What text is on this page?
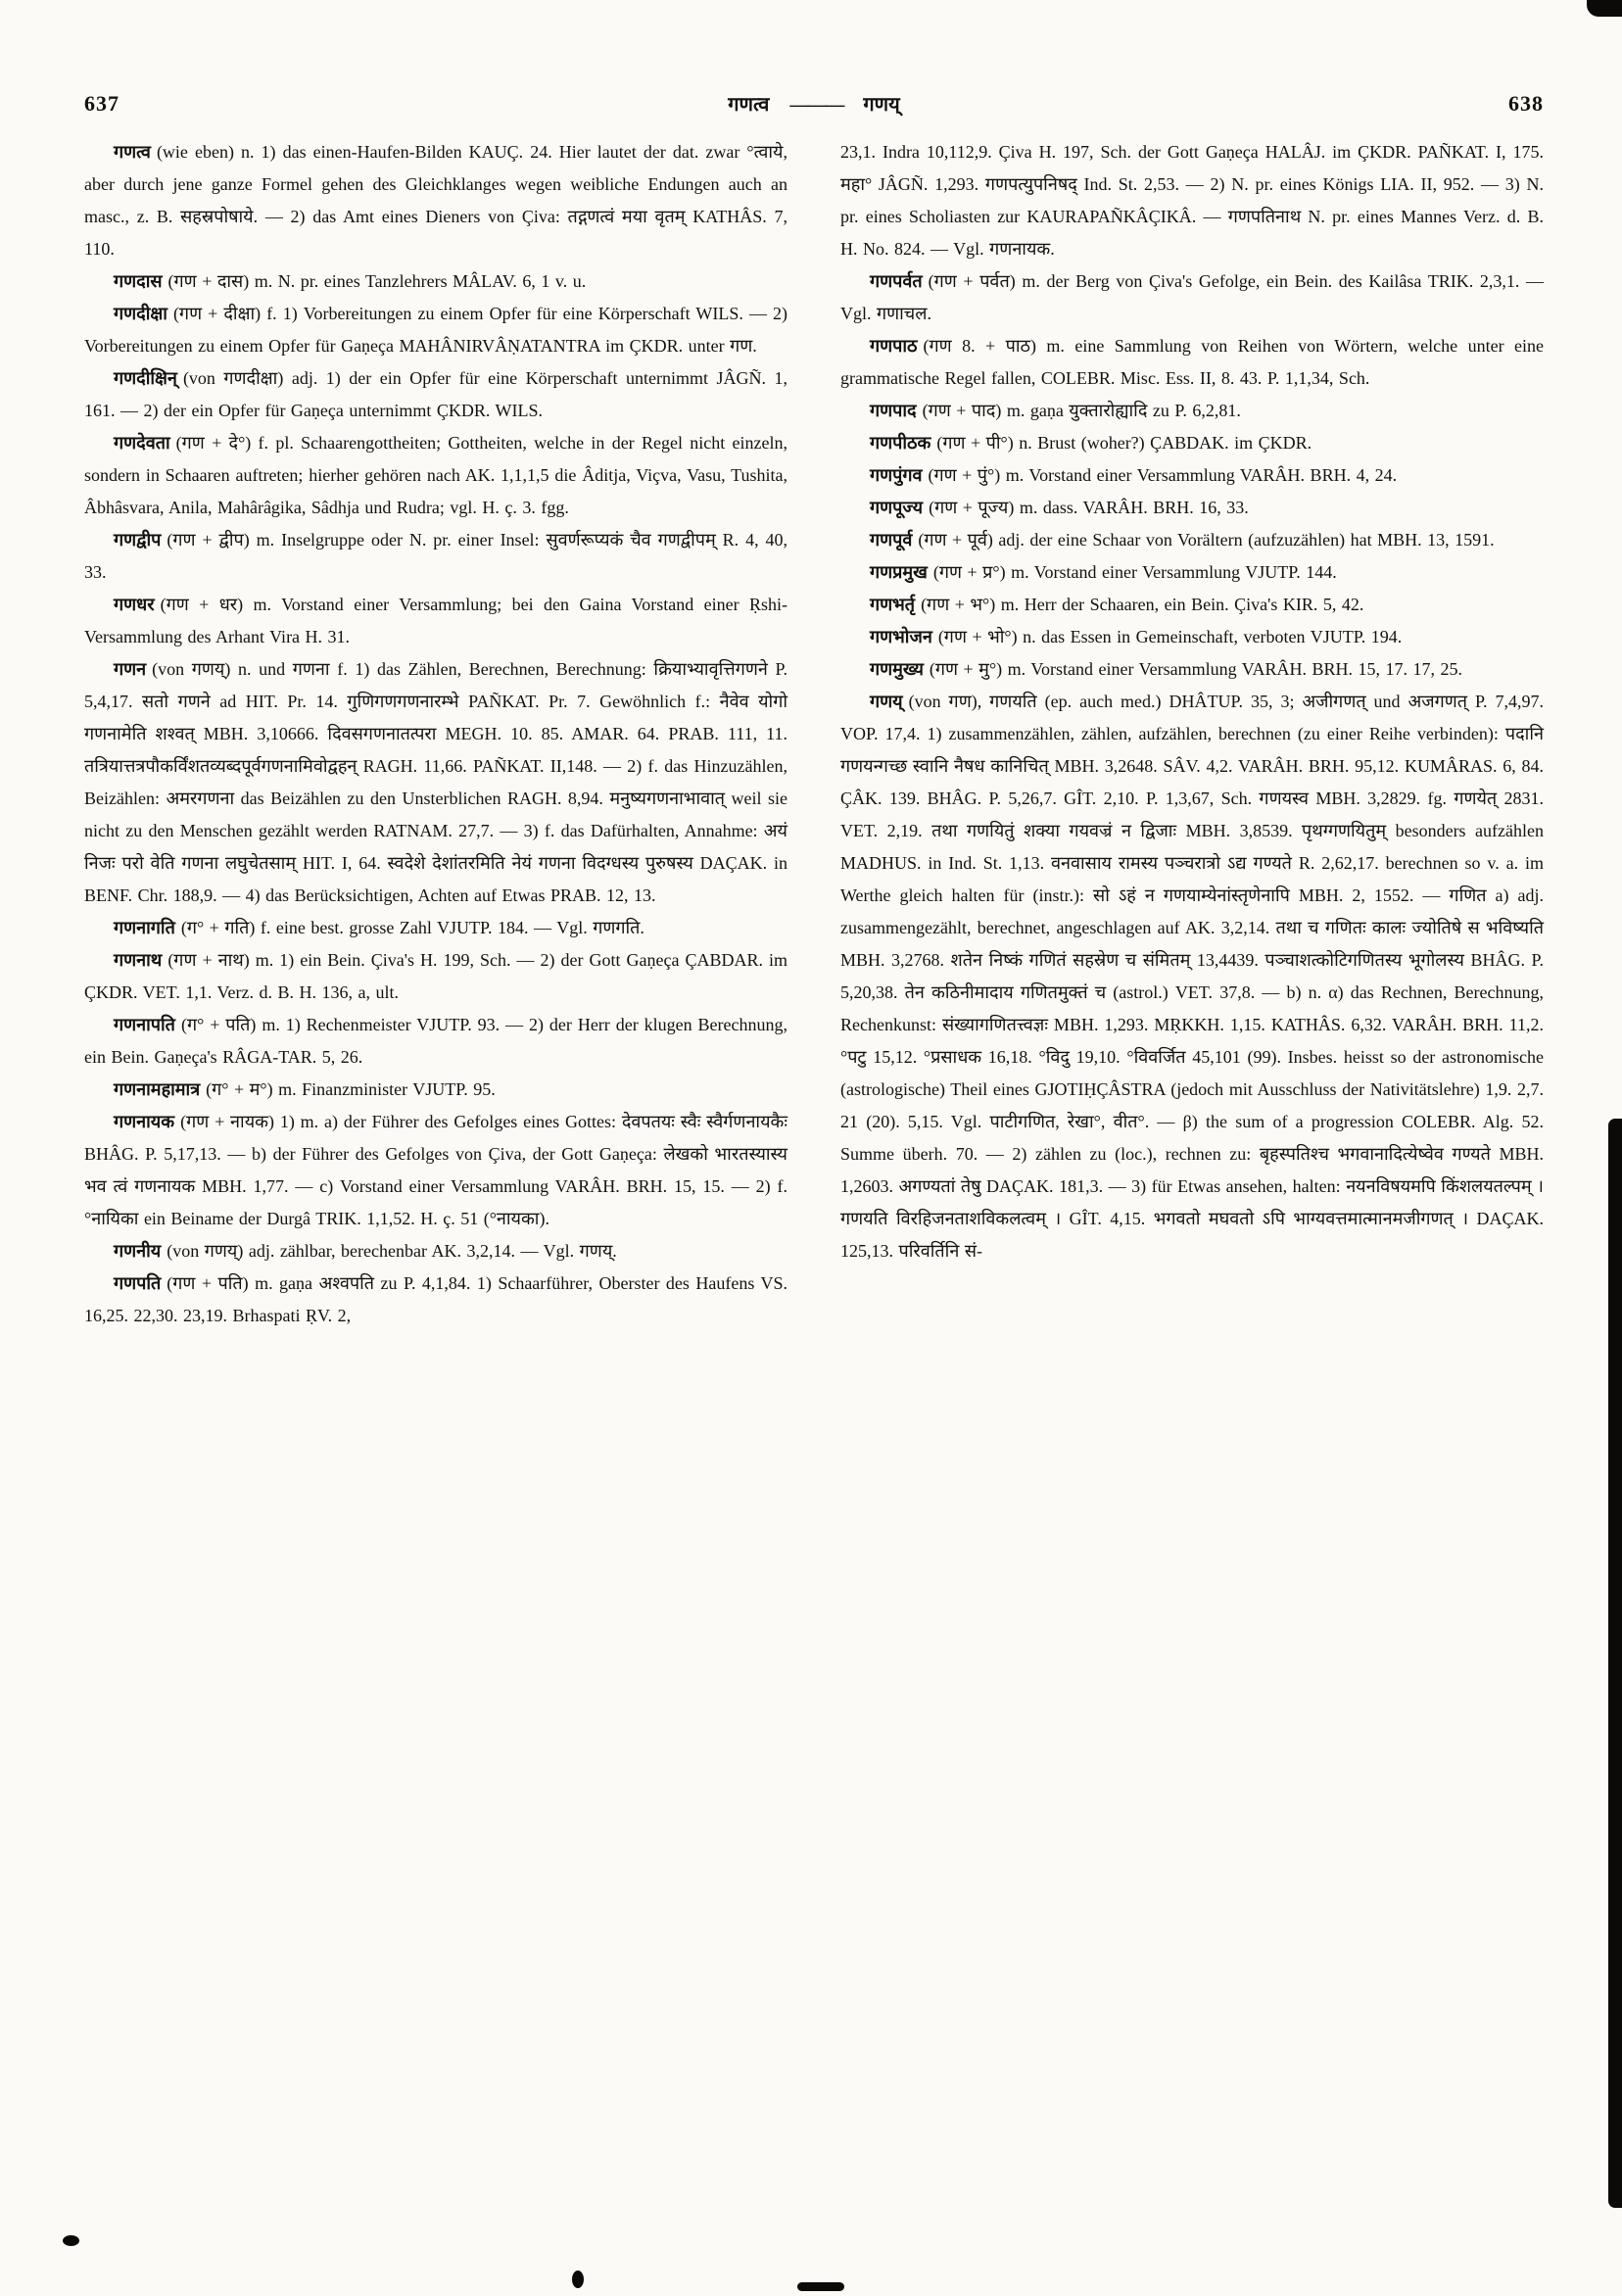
637	गणत्व ——— गणय्	638

गणत्व (wie eben) n. 1) das einen-Haufen-Bilden KAUÇ. 24. Hier lautet der dat. zwar °त्वाये, aber durch jene ganze Formel gehen des Gleichklanges wegen weibliche Endungen auch an masc., z. B. सहस्रपोषाये. — 2) das Amt eines Dieners von Çiva: तद्गणत्वं मया वृतम् KATHÂS. 7, 110.

गणदास (गण + दास) m. N. pr. eines Tanzlehrers MÂLAV. 6, 1 v. u.

गणदीक्षा (गण + दीक्षा) f. 1) Vorbereitungen zu einem Opfer für eine Körperschaft WILS. — 2) Vorbereitungen zu einem Opfer für Gaṇeça MAHÂNIRVÂṆATANTRA im ÇKDR. unter गण.

गणदीक्षिन् (von गणदीक्षा) adj. 1) der ein Opfer für eine Körperschaft unternimmt JÂGÑ. 1, 161. — 2) der ein Opfer für Gaṇeça unternimmt ÇKDR. WILS.

गणदेवता (गण + दे°) f. pl. Schaarengottheiten; Gottheiten, welche in der Regel nicht einzeln, sondern in Schaaren auftreten; hierher gehören nach AK. 1,1,1,5 die Âditja, Viçva, Vasu, Tushita, Âbhâsvara, Anila, Mahârâgika, Sâdhja und Rudra; vgl. H. ç. 3. fgg.

गणद्वीप (गण + द्वीप) m. Inselgruppe oder N. pr. einer Insel: सुवर्णरूप्यकं चैव गणद्वीपम् R. 4, 40, 33.

गणधर (गण + धर) m. Vorstand einer Versammlung; bei den Gaina Vorstand einer Ṛshi-Versammlung des Arhant Vira H. 31.

गणन (von गणय्) n. und गणना f. 1) das Zählen, Berechnen, Berechnung: क्रियाभ्यावृत्तिगणने P. 5,4,17. सतो गणने ad HIT. Pr. 14. गुणिगणगणनारम्भे PAÑKAT. Pr. 7. Gewöhnlich f.: नैवेव योगो गणनामेति शश्वत् MBH. 3,10666. दिवसगणनातत्परा MEGH. 10. 85. AMAR. 64. PRAB. 111, 11. तत्रियात्तत्रपौकर्विंशतव्यब्दपूर्वगणनामिवोद्वहन् RAGH. 11,66. PAÑKAT. II,148. — 2) f. das Hinzuzählen, Beizählen: अमरगणना das Beizählen zu den Unsterblichen RAGH. 8,94. मनुष्यगणनाभावात् weil sie nicht zu den Menschen gezählt werden RATNAM. 27,7. — 3) f. das Dafürhalten, Annahme: अयं निजः परो वेति गणना लघुचेतसाम् HIT. I, 64. स्वदेशे देशांतरमिति नेयं गणना विदग्धस्य पुरुषस्य DAÇAK. in BENF. Chr. 188,9. — 4) das Berücksichtigen, Achten auf Etwas PRAB. 12, 13.

गणनागति (ग° + गति) f. eine best. grosse Zahl VJUTP. 184. — Vgl. गणगति.

गणनाथ (गण + नाथ) m. 1) ein Bein. Çiva's H. 199, Sch. — 2) der Gott Gaṇeça ÇABDAR. im ÇKDR. VET. 1,1. Verz. d. B. H. 136, a, ult.

गणनापति (ग° + पति) m. 1) Rechenmeister VJUTP. 93. — 2) der Herr der klugen Berechnung, ein Bein. Gaṇeça's RÂGA-TAR. 5, 26.

गणनामहामात्र (ग° + म°) m. Finanzminister VJUTP. 95.

गणनायक (गण + नायक) 1) m. a) der Führer des Gefolges eines Gottes: देवपतयः स्वैः स्वैर्गणनायकैः BHÂG. P. 5,17,13. — b) der Führer des Gefolges von Çiva, der Gott Gaṇeça: लेखको भारतस्यास्य भव त्वं गणनायक MBH. 1,77. — c) Vorstand einer Versammlung VARÂH. BRH. 15, 15. — 2) f. °नायिका ein Beiname der Durgâ TRIK. 1,1,52. H. ç. 51 (°नायका).

गणनीय (von गणय्) adj. zählbar, berechenbar AK. 3,2,14. — Vgl. गणय्.

गणपति (गण + पति) m. gaṇa अश्वपति zu P. 4,1,84. 1) Schaarführer, Oberster des Haufens VS. 16,25. 22,30. 23,19. Brhaspati ṚV. 2,

23,1. Indra 10,112,9. Çiva H. 197, Sch. der Gott Gaṇeça HALÂJ. im ÇKDR. PAÑKAT. I, 175. महा° JÂGÑ. 1,293. गणपत्युपनिषद् Ind. St. 2,53. — 2) N. pr. eines Königs LIA. II, 952. — 3) N. pr. eines Scholiasten zur KAURAPAÑKÂÇIKÂ. — गणपतिनाथ N. pr. eines Mannes Verz. d. B. H. No. 824. — Vgl. गणनायक.

गणपर्वत (गण + पर्वत) m. der Berg von Çiva's Gefolge, ein Bein. des Kailâsa TRIK. 2,3,1. — Vgl. गणाचल.

गणपाठ (गण 8. + पाठ) m. eine Sammlung von Reihen von Wörtern, welche unter eine grammatische Regel fallen, COLEBR. Misc. Ess. II, 8. 43. P. 1,1,34, Sch.

गणपाद (गण + पाद) m. gaṇa युक्तारोह्यादि zu P. 6,2,81.

गणपीठक (गण + पी°) n. Brust (woher?) ÇABDAK. im ÇKDR.

गणपुंगव (गण + पुं°) m. Vorstand einer Versammlung VARÂH. BRH. 4, 24.

गणपूज्य (गण + पूज्य) m. dass. VARÂH. BRH. 16, 33.

गणपूर्व (गण + पूर्व) adj. der eine Schaar von Vorältern (aufzuzählen) hat MBH. 13, 1591.

गणप्रमुख (गण + प्र°) m. Vorstand einer Versammlung VJUTP. 144.

गणभर्तृ (गण + भ°) m. Herr der Schaaren, ein Bein. Çiva's KIR. 5, 42.

गणभोजन (गण + भो°) n. das Essen in Gemeinschaft, verboten VJUTP. 194.

गणमुख्य (गण + मु°) m. Vorstand einer Versammlung VARÂH. BRH. 15, 17. 17, 25.

गणय् (von गण), गणयति (ep. auch med.) DHÂTUP. 35, 3; अजीगणत् und अजगणत् P. 7,4,97. VOP. 17,4. 1) zusammenzählen, zählen, aufzählen, berechnen (zu einer Reihe verbinden): पदानि गणयन्गच्छ स्वानि नैषध कानिचित् MBH. 3,2648. SÂV. 4,2. VARÂH. BRH. 95,12. KUMÂRAS. 6, 84. ÇÂK. 139. BHÂG. P. 5,26,7. GÎT. 2,10. P. 1,3,67, Sch. गणयस्व MBH. 3,2829. fg. गणयेत् 2831. VET. 2,19. तथा गणयितुं शक्या गयवज्रं न द्विजाः MBH. 3,8539. पृथग्गणयितुम् besonders aufzählen MADHUS. in Ind. St. 1,13. वनवासाय रामस्य पञ्चरात्रो ऽद्य गण्यते R. 2,62,17. berechnen so v. a. im Werthe gleich halten für (instr.): सो ऽहं न गणयाम्येनांस्तृणेनापि MBH. 2, 1552. — गणित a) adj. zusammengezählt, berechnet, angeschlagen auf AK. 3,2,14. तथा च गणितः कालः ज्योतिषे स भविष्यति MBH. 3,2768. शतेन निष्कं गणितं सहस्रेण च संमितम् 13,4439. पञ्चाशत्कोटिगणितस्य भूगोलस्य BHÂG. P. 5,20,38. तेन कठिनीमादाय गणितमुक्तं च (astrol.) VET. 37,8. — b) n. α) das Rechnen, Berechnung, Rechenkunst: संख्यागणितत्त्वज्ञः MBH. 1,293. MṚKKH. 1,15. KATHÂS. 6,32. VARÂH. BRH. 11,2. °पटु 15,12. °प्रसाधक 16,18. °विदु 19,10. °विवर्जित 45,101 (99). Insbes. heisst so der astronomische (astrologische) Theil eines GJOTIḤÇÂSTRA (jedoch mit Ausschluss der Nativitätslehre) 1,9. 2,7. 21 (20). 5,15. Vgl. पाटीगणित, रेखा°, वीत°. — β) the sum of a progression COLEBR. Alg. 52. Summe überh. 70. — 2) zählen zu (loc.), rechnen zu: बृहस्पतिश्च भगवानादित्येष्वेव गण्यते MBH. 1,2603. अगण्यतां तेषु DAÇAK. 181,3. — 3) für Etwas ansehen, halten: नयनविषयमपि किंशलयतल्पम् । गणयति विरहिजनताशविकलत्वम् । GÎT. 4,15. भगवतो मघवतो ऽपि भाग्यवत्तमात्मानमजीगणत् । DAÇAK. 125,13. परिवर्तिनि सं-
